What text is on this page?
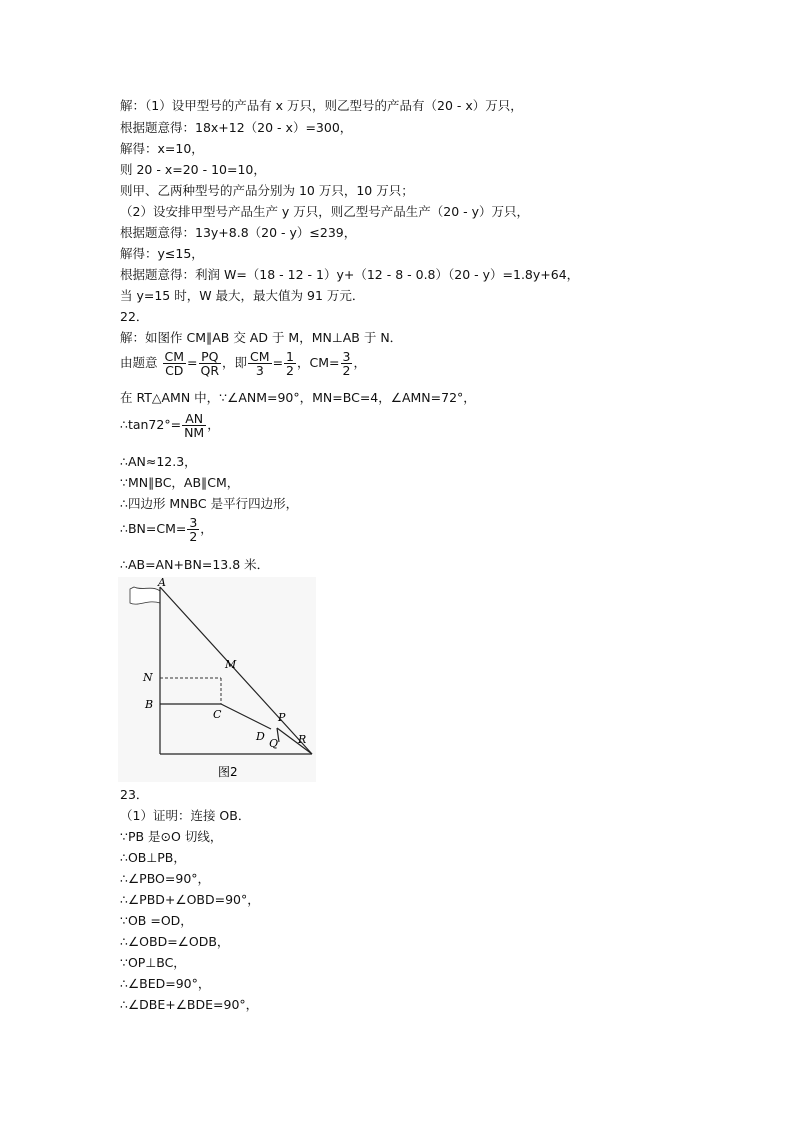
解：（1）设甲型号的产品有 x 万只，则乙型号的产品有（20 - x）万只，
根据题意得：18x+12（20 - x）=300，
解得：x=10，
则 20 - x=20 - 10=10，
则甲、乙两种型号的产品分别为 10 万只，10 万只；
（2）设安排甲型号产品生产 y 万只，则乙型号产品生产（20 - y）万只，
根据题意得：13y+8.8（20 - y）≤239，
解得：y≤15，
根据题意得：利润 W=（18 - 12 - 1）y+（12 - 8 - 0.8）（20 - y）=1.8y+64，
当 y=15 时，W 最大，最大值为 91 万元．
22．
解：如图作 CM∥AB 交 AD 于 M，MN⊥AB 于 N．
由题意 $\frac{CM}{CD} = \frac{PQ}{QR}$ ，即 $\frac{CM}{3} = \frac{1}{2}$ ，$CM= \frac{3}{2}$ ，
在 RT△AMN 中，∵∠ANM=90°，MN=BC=4，∠AMN=72°，
∴tan72°= $\frac{AN}{NM}$ ，
∴AN≈12.3，
∵MN∥BC，AB∥CM，
∴四边形 MNBC 是平行四边形，
∴BN=CM= $\frac{3}{2}$ ，
∴AB=AN+BN=13.8 米．
A
M
N
B
C	P
D
Q R
图2
23．
（1）证明：连接 OB．
∵PB 是⊙O 切线，
∴OB⊥PB，
∴∠PBO=90°，
∴∠PBD+∠OBD=90°，
∵OB =OD，
∴∠OBD=∠ODB，
∵OP⊥BC，
∴∠BED=90°，
∴∠DBE+∠BDE=90°，
